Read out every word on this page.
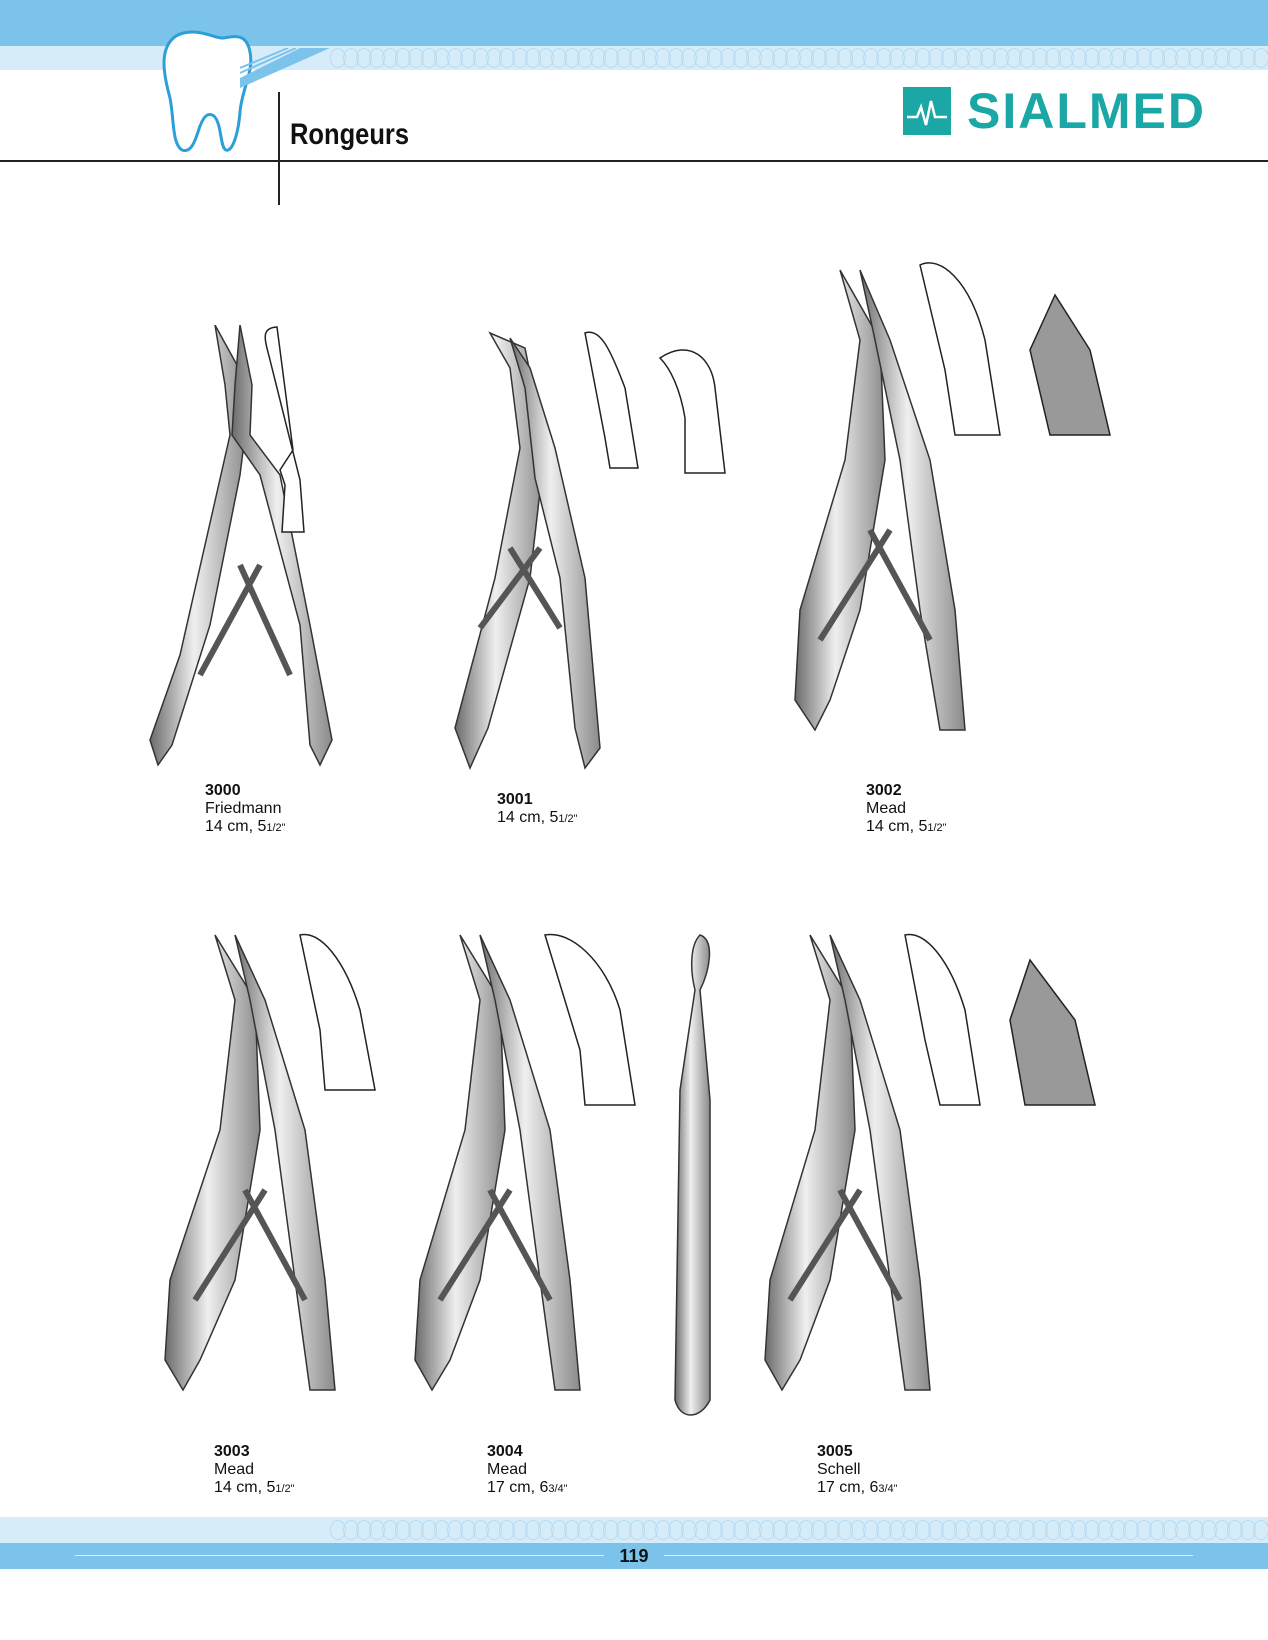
Rongeurs	SIALMED
3000
Friedmann
14 cm, 51/2"
3001
14 cm, 51/2"
3002
Mead
14 cm, 51/2"
3003
Mead
14 cm, 51/2"
3004
Mead
17 cm, 63/4"
3005
Schell
17 cm, 63/4"
119
